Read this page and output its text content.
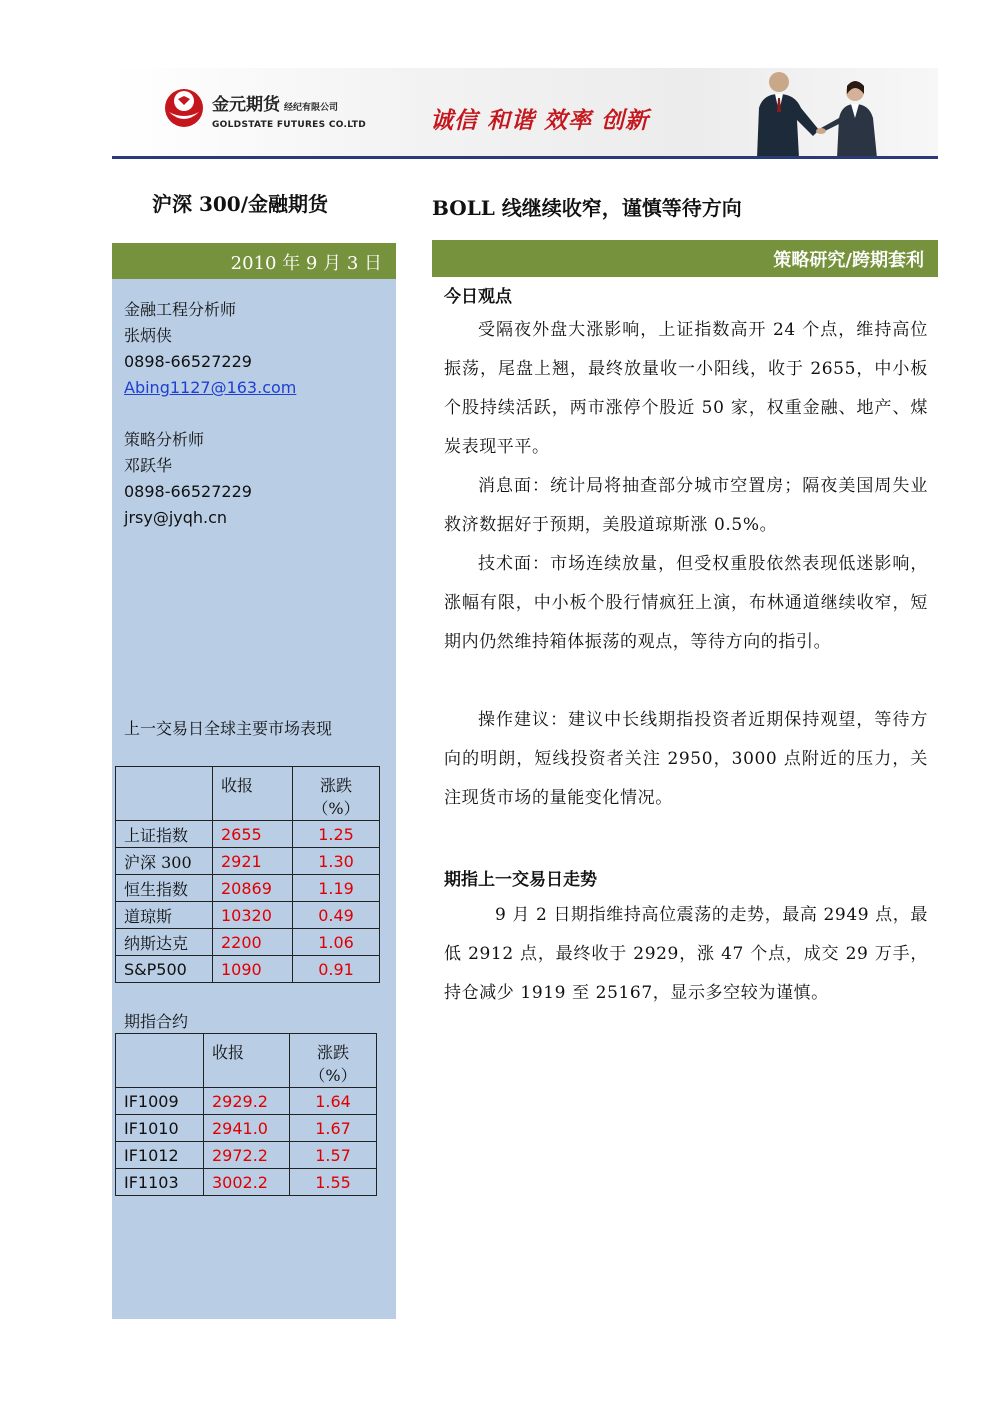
金元期货 经纪有限公司
GOLDSTATE FUTURES CO.LTD	诚信 和谐 效率 创新
沪深 300/金融期货	BOLL 线继续收窄，谨慎等待方向
2010 年 9 月 3 日
金融工程分析师
张炳侠
0898-66527229
Abing1127@163.com
策略分析师
邓跃华
0898-66527229
jrsy@jyqh.cn
上一交易日全球主要市场表现
	收报	涨跌
（%）
上证指数	2655	1.25
沪深 300	2921	1.30
恒生指数	20869	1.19
道琼斯	10320	0.49
纳斯达克	2200	1.06
S&P500	1090	0.91
期指合约
	收报	涨跌
（%）
IF1009	2929.2	1.64
IF1010	2941.0	1.67
IF1012	2972.2	1.57
IF1103	3002.2	1.55
策略研究/跨期套利
今日观点
受隔夜外盘大涨影响，上证指数高开 24 个点，维持高位振荡，尾盘上翘，最终放量收一小阳线，收于 2655，中小板个股持续活跃，两市涨停个股近 50 家，权重金融、地产、煤炭表现平平。
消息面：统计局将抽查部分城市空置房；隔夜美国周失业救济数据好于预期，美股道琼斯涨 0.5%。
技术面：市场连续放量，但受权重股依然表现低迷影响，涨幅有限，中小板个股行情疯狂上演，布林通道继续收窄，短期内仍然维持箱体振荡的观点，等待方向的指引。
操作建议：建议中长线期指投资者近期保持观望，等待方向的明朗，短线投资者关注 2950，3000 点附近的压力，关注现货市场的量能变化情况。
期指上一交易日走势
9 月 2 日期指维持高位震荡的走势，最高 2949 点，最低 2912 点，最终收于 2929，涨 47 个点，成交 29 万手，持仓减少 1919 至 25167，显示多空较为谨慎。
